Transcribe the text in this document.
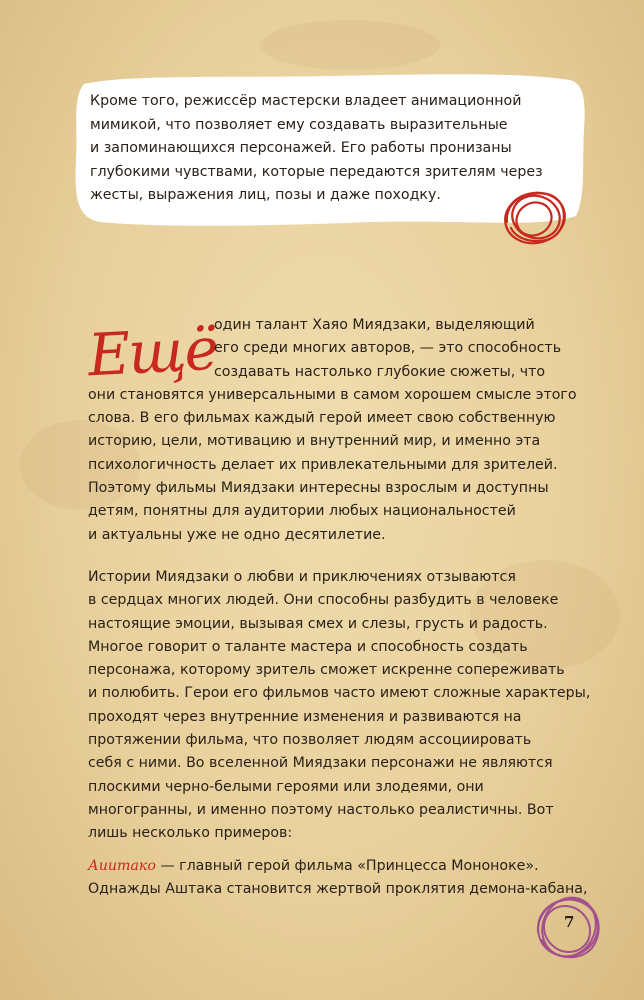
Кроме того, режиссёр мастерски владеет анимационной
мимикой, что позволяет ему создавать выразительные
и запоминающихся персонажей. Его работы пронизаны
глубокими чувствами, которые передаются зрителям через
жесты, выражения лиц, позы и даже походку.

Ещё

один талант Хаяо Миядзаки, выделяющий
его среди многих авторов, — это способность
создавать настолько глубокие сюжеты, что
они становятся универсальными в самом хорошем смысле этого
слова. В его фильмах каждый герой имеет свою собственную
историю, цели, мотивацию и внутренний мир, и именно эта
психологичность делает их привлекательными для зрителей.
Поэтому фильмы Миядзаки интересны взрослым и доступны
детям, понятны для аудитории любых национальностей
и актуальны уже не одно десятилетие.

Истории Миядзаки о любви и приключениях отзываются
в сердцах многих людей. Они способны разбудить в человеке
настоящие эмоции, вызывая смех и слезы, грусть и радость.
Многое говорит о таланте мастера и способность создать
персонажа, которому зритель сможет искренне сопереживать
и полюбить. Герои его фильмов часто имеют сложные характеры,
проходят через внутренние изменения и развиваются на
протяжении фильма, что позволяет людям ассоциировать
себя с ними. Во вселенной Миядзаки персонажи не являются
плоскими черно-белыми героями или злодеями, они
многогранны, и именно поэтому настолько реалистичны. Вот
лишь несколько примеров:

Аиитако — главный герой фильма «Принцесса Мононоке».
Однажды Аштака становится жертвой проклятия демона-кабана,

7
